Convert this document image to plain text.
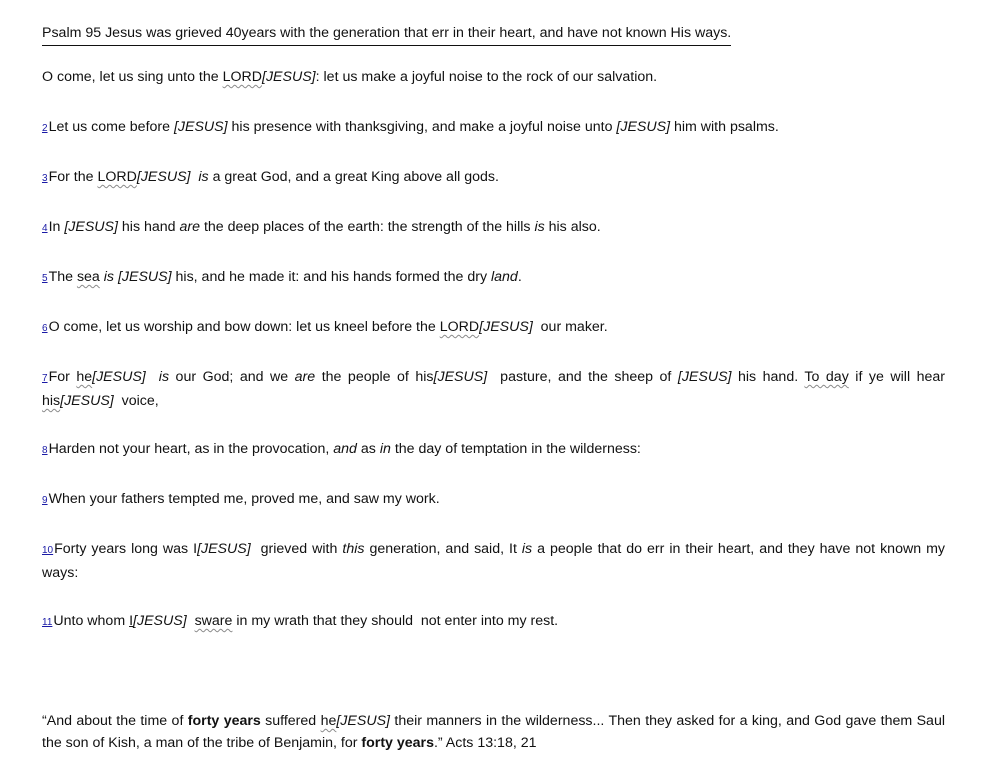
Psalm 95 Jesus was grieved 40years with the generation that err in their heart, and have not known His ways.

O come, let us sing unto the LORD[JESUS]: let us make a joyful noise to the rock of our salvation.

2Let us come before [JESUS] his presence with thanksgiving, and make a joyful noise unto [JESUS] him with psalms.

3For the LORD[JESUS] is a great God, and a great King above all gods.

4In [JESUS] his hand are the deep places of the earth: the strength of the hills is his also.

5The sea is [JESUS] his, and he made it: and his hands formed the dry land.

6O come, let us worship and bow down: let us kneel before the LORD[JESUS]  our maker.

7For he[JESUS] is our God; and we are the people of his[JESUS]  pasture, and the sheep of [JESUS] his hand. To day if ye will hear his[JESUS]  voice,

8Harden not your heart, as in the provocation, and as in the day of temptation in the wilderness:

9When your fathers tempted me, proved me, and saw my work.

10Forty years long was I[JESUS]  grieved with this generation, and said, It is a people that do err in their heart, and they have not known my ways:

11Unto whom I[JESUS] sware in my wrath that they should  not enter into my rest.

“And about the time of forty years suffered he[JESUS] their manners in the wilderness... Then they asked for a king, and God gave them Saul the son of Kish, a man of the tribe of Benjamin, for forty years.” Acts 13:18, 21
